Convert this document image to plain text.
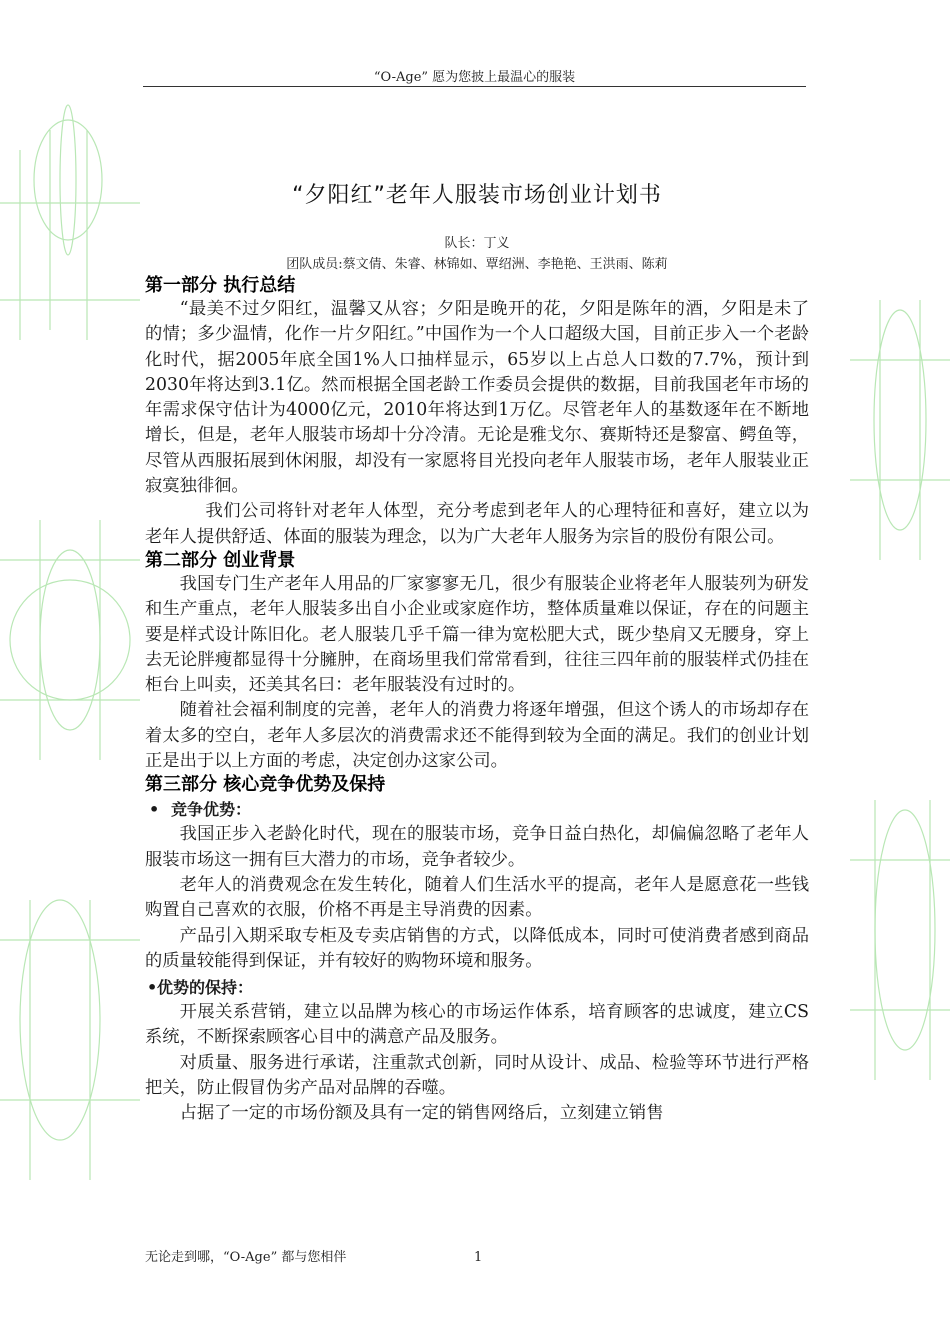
“O-Age” 愿为您披上最温心的服装
“夕阳红”老年人服装市场创业计划书
队长：丁义
团队成员:蔡文倩、朱睿、林锦如、覃绍洲、李艳艳、王洪雨、陈莉
第一部分 执行总结

“最美不过夕阳红，温馨又从容；夕阳是晚开的花，夕阳是陈年的酒，夕阳是未了的情；多少温情，化作一片夕阳红。”中国作为一个人口超级大国，目前正步入一个老龄化时代，据2005年底全国1%人口抽样显示，65岁以上占总人口数的7.7%，预计到2030年将达到3.1亿。然而根据全国老龄工作委员会提供的数据，目前我国老年市场的年需求保守估计为4000亿元，2010年将达到1万亿。尽管老年人的基数逐年在不断地增长，但是，老年人服装市场却十分冷清。无论是雅戈尔、赛斯特还是黎富、鳄鱼等，尽管从西服拓展到休闲服，却没有一家愿将目光投向老年人服装市场，老年人服装业正寂寞独徘徊。

我们公司将针对老年人体型，充分考虑到老年人的心理特征和喜好，建立以为老年人提供舒适、体面的服装为理念，以为广大老年人服务为宗旨的股份有限公司。

第二部分 创业背景

我国专门生产老年人用品的厂家寥寥无几，很少有服装企业将老年人服装列为研发和生产重点，老年人服装多出自小企业或家庭作坊，整体质量难以保证，存在的问题主要是样式设计陈旧化。老人服装几乎千篇一律为宽松肥大式，既少垫肩又无腰身，穿上去无论胖瘦都显得十分臃肿，在商场里我们常常看到，往往三四年前的服装样式仍挂在柜台上叫卖，还美其名曰：老年服装没有过时的。

随着社会福利制度的完善，老年人的消费力将逐年增强，但这个诱人的市场却存在着太多的空白，老年人多层次的消费需求还不能得到较为全面的满足。我们的创业计划正是出于以上方面的考虑，决定创办这家公司。

第三部分 核心竞争优势及保持
• 竞争优势：

我国正步入老龄化时代，现在的服装市场，竞争日益白热化，却偏偏忽略了老年人服装市场这一拥有巨大潜力的市场，竞争者较少。

老年人的消费观念在发生转化，随着人们生活水平的提高，老年人是愿意花一些钱购置自己喜欢的衣服，价格不再是主导消费的因素。

产品引入期采取专柜及专卖店销售的方式，以降低成本，同时可使消费者感到商品的质量较能得到保证，并有较好的购物环境和服务。

•优势的保持：

开展关系营销，建立以品牌为核心的市场运作体系，培育顾客的忠诚度，建立CS系统，不断探索顾客心目中的满意产品及服务。

对质量、服务进行承诺，注重款式创新，同时从设计、成品、检验等环节进行严格把关，防止假冒伪劣产品对品牌的吞噬。

占据了一定的市场份额及具有一定的销售网络后，立刻建立销售

无论走到哪，“O-Age” 都与您相伴	1
